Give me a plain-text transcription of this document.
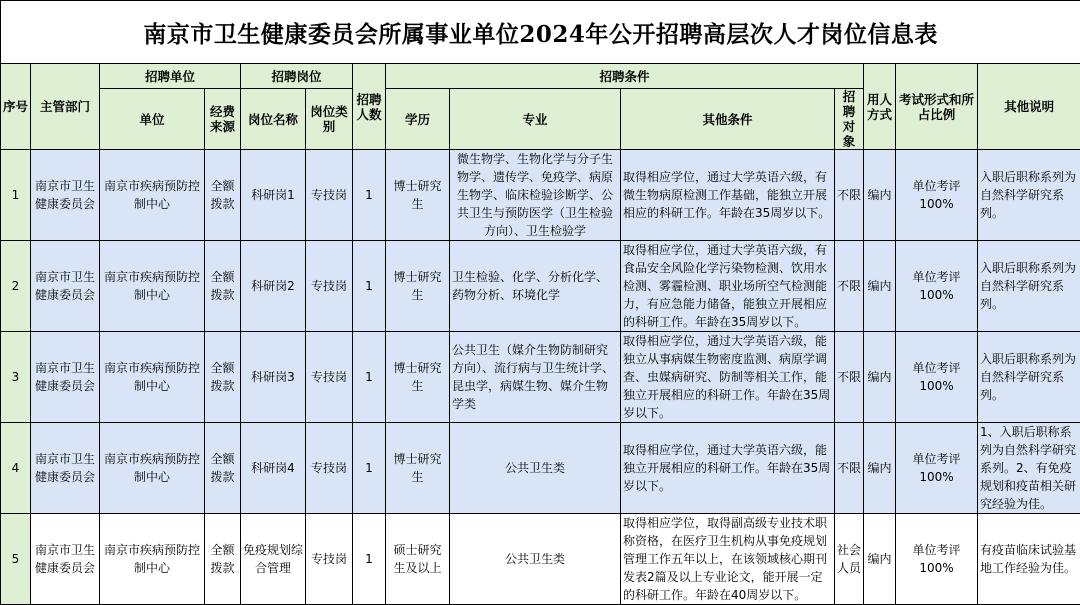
南京市卫生健康委员会所属事业单位2024年公开招聘高层次人才岗位信息表													
序号	主管部门	招聘单位		招聘岗位		招聘人数	招聘条件				用人方式	考试形式和所占比例	其他说明
		单位	经费来源	岗位名称	岗位类别		学历	专业	其他条件	招聘对象			
1	南京市卫生健康委员会	南京市疾病预防控制中心	全额拨款	科研岗1	专技岗	1	博士研究生	微生物学、生物化学与分子生物学、遗传学、免疫学、病原生物学、临床检验诊断学、公共卫生与预防医学（卫生检验方向）、卫生检验学	取得相应学位，通过大学英语六级，有微生物病原检测工作基础，能独立开展相应的科研工作。年龄在35周岁以下。	不限	编内	单位考评100%	入职后职称系列为自然科学研究系列。
2	南京市卫生健康委员会	南京市疾病预防控制中心	全额拨款	科研岗2	专技岗	1	博士研究生	卫生检验、化学、分析化学、药物分析、环境化学	取得相应学位，通过大学英语六级，有食品安全风险化学污染物检测、饮用水检测、雾霾检测、职业场所空气检测能力，有应急能力储备，能独立开展相应的科研工作。年龄在35周岁以下。	不限	编内	单位考评100%	入职后职称系列为自然科学研究系列。
3	南京市卫生健康委员会	南京市疾病预防控制中心	全额拨款	科研岗3	专技岗	1	博士研究生	公共卫生（媒介生物防制研究方向）、流行病与卫生统计学、昆虫学，病媒生物、媒介生物学类	取得相应学位，通过大学英语六级，能独立从事病媒生物密度监测、病原学调查、虫媒病研究、防制等相关工作，能独立开展相应的科研工作。年龄在35周岁以下。	不限	编内	单位考评100%	入职后职称系列为自然科学研究系列。
4	南京市卫生健康委员会	南京市疾病预防控制中心	全额拨款	科研岗4	专技岗	1	博士研究生	公共卫生类	取得相应学位，通过大学英语六级，能独立开展相应的科研工作。年龄在35周岁以下。	不限	编内	单位考评100%	1、入职后职称系列为自然科学研究系列。2、有免疫规划和疫苗相关研究经验为佳。
5	南京市卫生健康委员会	南京市疾病预防控制中心	全额拨款	免疫规划综合管理	专技岗	1	硕士研究生及以上	公共卫生类	取得相应学位，取得副高级专业技术职称资格，在医疗卫生机构从事免疫规划管理工作五年以上，在该领域核心期刊发表2篇及以上专业论文，能开展一定的科研工作。年龄在40周岁以下。	社会人员	编内	单位考评100%	有疫苗临床试验基地工作经验为佳。
